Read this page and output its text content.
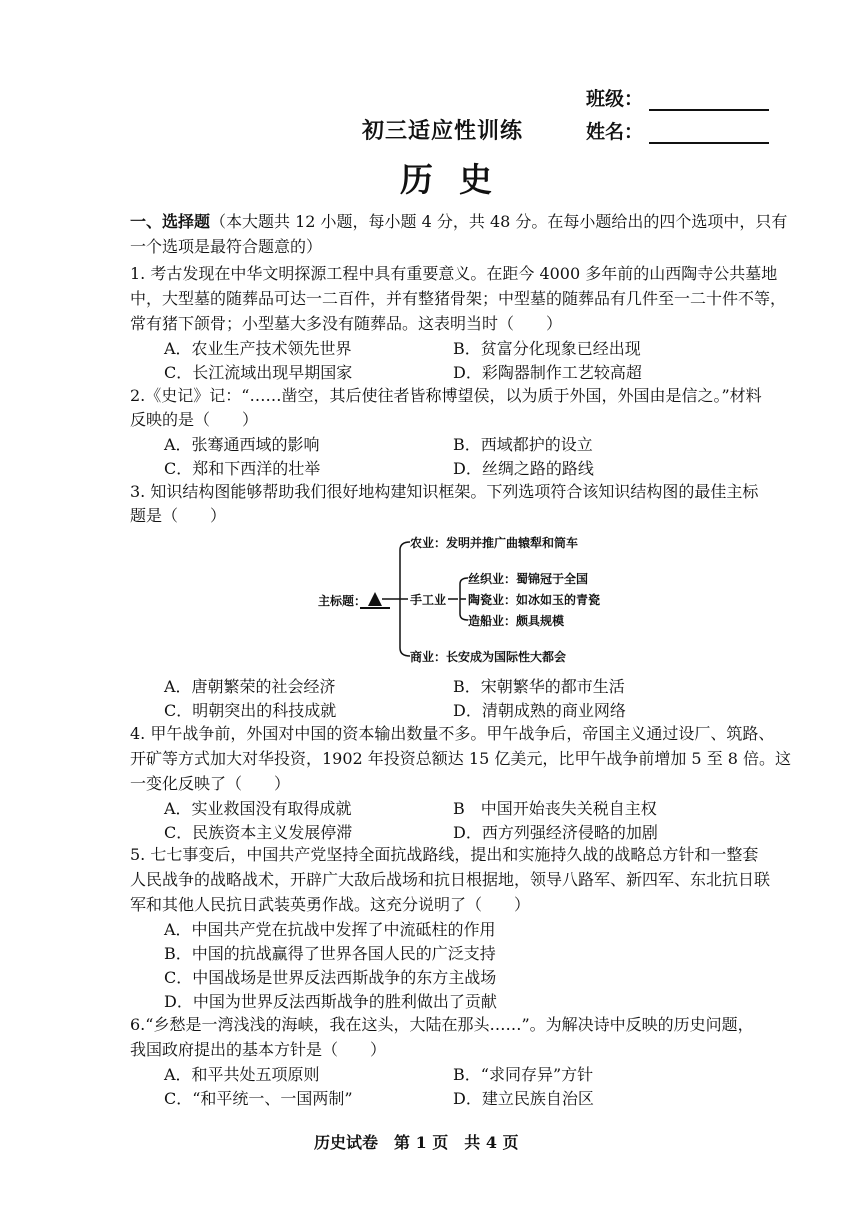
班级：
姓名：
初三适应性训练
历史
一、选择题（本大题共 12 小题，每小题 4 分，共 48 分。在每小题给出的四个选项中，只有
一个选项是最符合题意的）
1. 考古发现在中华文明探源工程中具有重要意义。在距今 4000 多年前的山西陶寺公共墓地
中，大型墓的随葬品可达一二百件，并有整猪骨架；中型墓的随葬品有几件至一二十件不等，
常有猪下颌骨；小型墓大多没有随葬品。这表明当时（　　）
A．农业生产技术领先世界	B．贫富分化现象已经出现
C．长江流域出现早期国家	D．彩陶器制作工艺较高超
2.《史记》记：“……凿空，其后使往者皆称博望侯，以为质于外国，外国由是信之。”材料
反映的是（　　）
A．张骞通西域的影响	B．西域都护的设立
C．郑和下西洋的壮举	D．丝绸之路的路线
3. 知识结构图能够帮助我们很好地构建知识框架。下列选项符合该知识结构图的最佳主标
题是（　　）
主标题：
农业：发明并推广曲辕犁和筒车
手工业
丝织业：蜀锦冠于全国
陶瓷业：如冰如玉的青瓷
造船业：颇具规模
商业：长安成为国际性大都会
A．唐朝繁荣的社会经济	B．宋朝繁华的都市生活
C．明朝突出的科技成就	D．清朝成熟的商业网络
4. 甲午战争前，外国对中国的资本输出数量不多。甲午战争后，帝国主义通过设厂、筑路、
开矿等方式加大对华投资，1902 年投资总额达 15 亿美元，比甲午战争前增加 5 至 8 倍。这
一变化反映了（　　）
A．实业救国没有取得成就	B　中国开始丧失关税自主权
C．民族资本主义发展停滞	D．西方列强经济侵略的加剧
5. 七七事变后，中国共产党坚持全面抗战路线，提出和实施持久战的战略总方针和一整套
人民战争的战略战术，开辟广大敌后战场和抗日根据地，领导八路军、新四军、东北抗日联
军和其他人民抗日武装英勇作战。这充分说明了（　　）
A．中国共产党在抗战中发挥了中流砥柱的作用
B．中国的抗战赢得了世界各国人民的广泛支持
C．中国战场是世界反法西斯战争的东方主战场
D．中国为世界反法西斯战争的胜利做出了贡献
6.“乡愁是一湾浅浅的海峡，我在这头，大陆在那头……”。为解决诗中反映的历史问题，
我国政府提出的基本方针是（　　）
A．和平共处五项原则	B．“求同存异”方针
C．“和平统一、一国两制”	D．建立民族自治区
历史试卷　第 1 页　共 4 页
